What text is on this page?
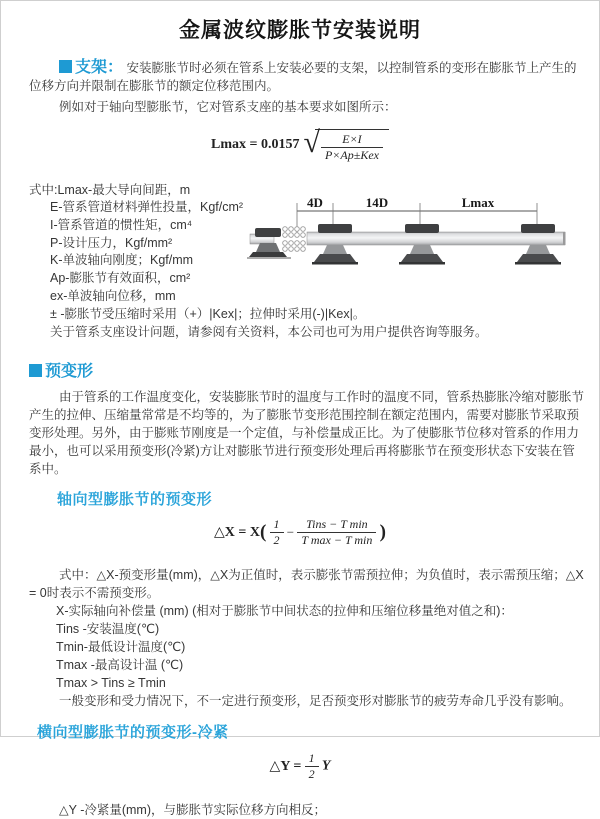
金属波纹膨胀节安装说明

支架： 安装膨胀节时必须在管系上安装必要的支架，以控制管系的变形在膨胀节上产生的位移方向并限制在膨胀节的额定位移范围内。

例如对于轴向型膨胀节，它对管系支座的基本要求如图所示：

Lmax = 0.0157 √
$\frac{E\times I}{\text{P×Ap±Kex}}$

式中:Lmax-最大导向间距，m

E-管系管道材料弹性投量，Kgf/cm²

I-管系管道的惯性矩，cm⁴

P-设计压力，Kgf/mm²

K-单波轴向刚度；Kgf/mm

Ap-膨胀节有效面积，cm²

ex-单波轴向位移，mm

± -膨胀节受压缩时采用（+）|Kex|；拉伸时采用(-)|Kex|。

关于管系支座设计问题，请参阅有关资料，本公司也可为用户提供咨询等服务。

4D	14D	Lmax
预变形

由于管系的工作温度变化，安装膨胀节时的温度与工作时的温度不同，管系热膨胀冷缩对膨胀节产生的拉伸、压缩量常常是不均等的，为了膨胀节变形范围控制在额定范围内，需要对膨胀节采取预变形处理。另外，由于膨账节刚度是一个定值，与补偿量成正比。为了使膨胀节位移对管系的作用力最小，也可以采用预变形(冷紧)方让对膨胀节进行预变形处理后再将膨胀节在预变形状态下安装在管系中。

轴向型膨胀节的预变形

△X = $X( \frac{1}{2} - \frac{\text{Tins − T min}}{\text{T max − T min}}$ )

式中：△X-预变形量(mm)，△X为正值时，表示膨张节需预拉伸；为负值时，表示需预压缩；△X = 0时表示不需预变形。

X-实际轴向补偿量 (mm) (相对于膨胀节中间状态的拉伸和压缩位移量绝对值之和)：

Tins -安装温度(℃)

Tmin-最低设计温度(℃)

Tmax -最高设计温 (℃)

Tmax > Tins ≥ Tmin

一般变形和受力情况下，不一定进行预变形，足否预变形对膨胀节的疲劳寿命几乎没有影响。

横向型膨胀节的预变形-冷紧

△Y = $\frac{1}{2}$ Y

△Y -冷紧量(mm)，与膨胀节实际位移方向相反；
